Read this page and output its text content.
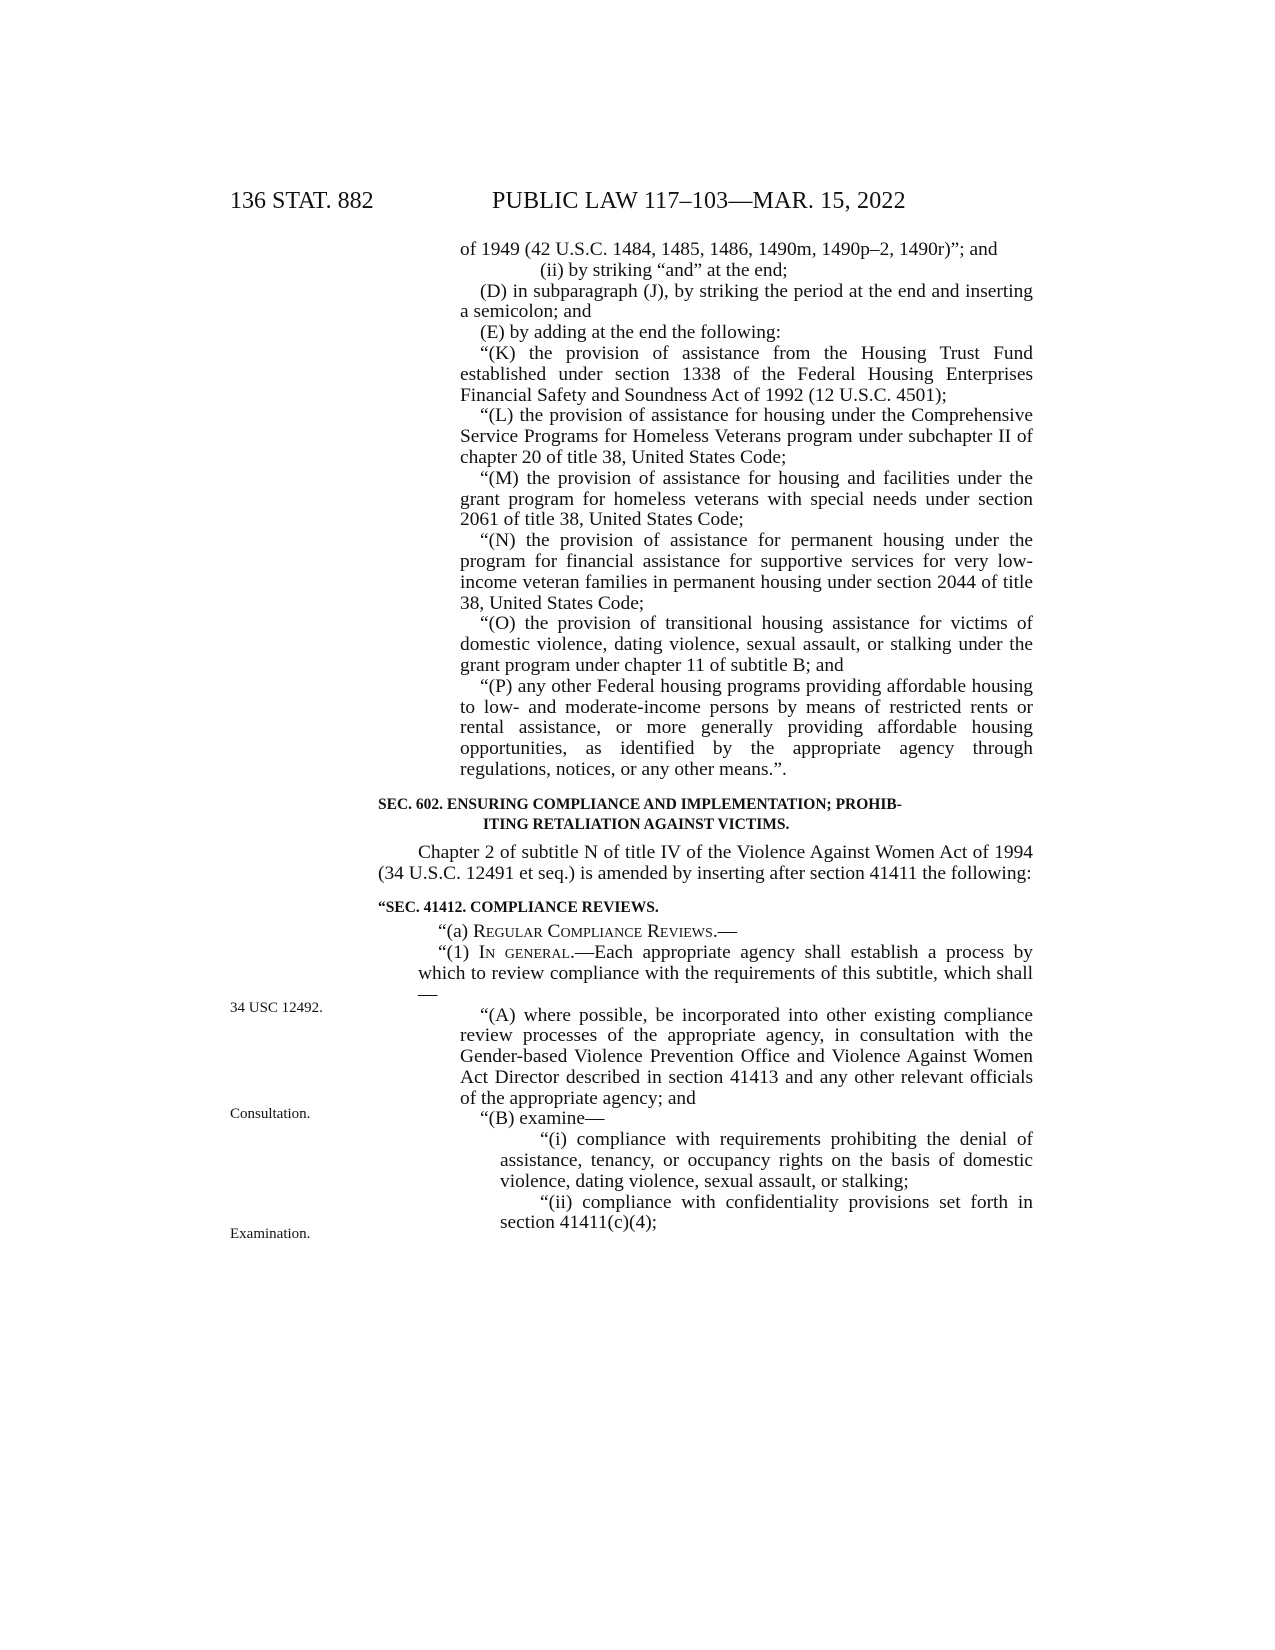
136 STAT. 882	PUBLIC LAW 117–103—MAR. 15, 2022
34 USC 12492.
Consultation.
Examination.

of 1949 (42 U.S.C. 1484, 1485, 1486, 1490m, 1490p–2, 1490r)”; and

(ii) by striking “and” at the end;

(D) in subparagraph (J), by striking the period at the end and inserting a semicolon; and

(E) by adding at the end the following:

“(K) the provision of assistance from the Housing Trust Fund established under section 1338 of the Federal Housing Enterprises Financial Safety and Soundness Act of 1992 (12 U.S.C. 4501);

“(L) the provision of assistance for housing under the Comprehensive Service Programs for Homeless Veterans program under subchapter II of chapter 20 of title 38, United States Code;

“(M) the provision of assistance for housing and facilities under the grant program for homeless veterans with special needs under section 2061 of title 38, United States Code;

“(N) the provision of assistance for permanent housing under the program for financial assistance for supportive services for very low-income veteran families in permanent housing under section 2044 of title 38, United States Code;

“(O) the provision of transitional housing assistance for victims of domestic violence, dating violence, sexual assault, or stalking under the grant program under chapter 11 of subtitle B; and

“(P) any other Federal housing programs providing affordable housing to low- and moderate-income persons by means of restricted rents or rental assistance, or more generally providing affordable housing opportunities, as identified by the appropriate agency through regulations, notices, or any other means.”.

SEC. 602. ENSURING COMPLIANCE AND IMPLEMENTATION; PROHIB-
ITING RETALIATION AGAINST VICTIMS.

Chapter 2 of subtitle N of title IV of the Violence Against Women Act of 1994 (34 U.S.C. 12491 et seq.) is amended by inserting after section 41411 the following:

“SEC. 41412. COMPLIANCE REVIEWS.

“(a) Regular Compliance Reviews.—

“(1) In general.—Each appropriate agency shall establish a process by which to review compliance with the requirements of this subtitle, which shall—

“(A) where possible, be incorporated into other existing compliance review processes of the appropriate agency, in consultation with the Gender-based Violence Prevention Office and Violence Against Women Act Director described in section 41413 and any other relevant officials of the appropriate agency; and

“(B) examine—

“(i) compliance with requirements prohibiting the denial of assistance, tenancy, or occupancy rights on the basis of domestic violence, dating violence, sexual assault, or stalking;

“(ii) compliance with confidentiality provisions set forth in section 41411(c)(4);
